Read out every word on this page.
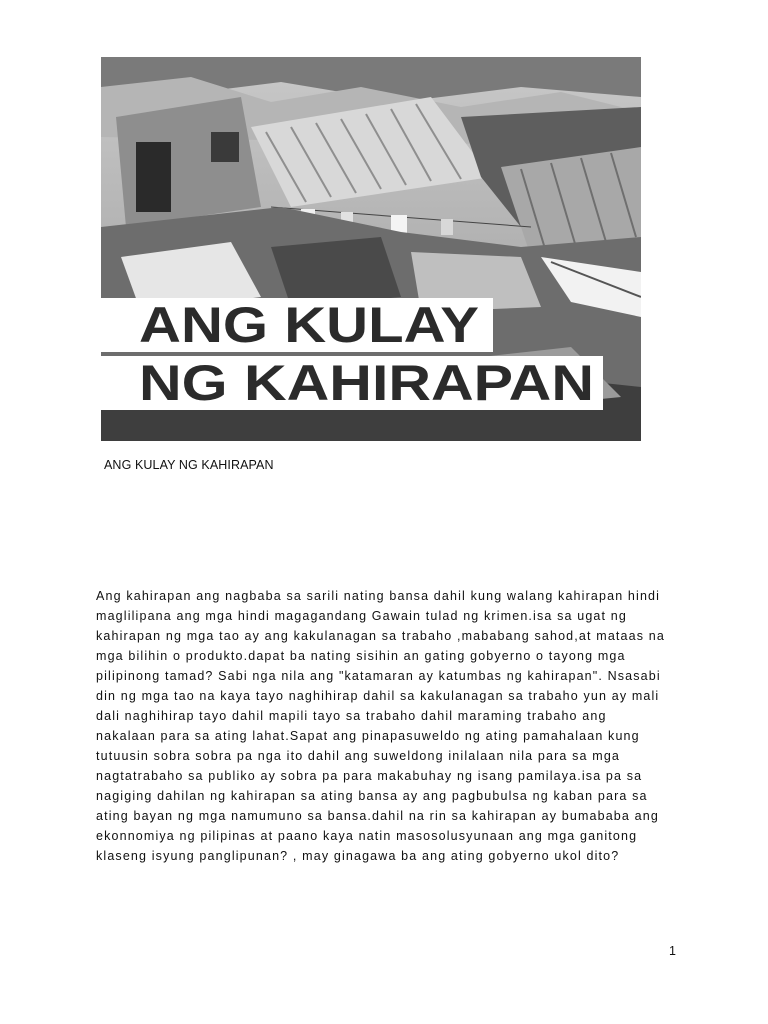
ANG KULAY
NG KAHIRAPAN
ANG KULAY NG KAHIRAPAN

Ang kahirapan ang nagbaba sa sarili nating bansa dahil kung walang kahirapan hindi
maglilipana ang mga hindi magagandang Gawain tulad ng krimen.isa sa ugat ng
kahirapan ng mga tao ay ang kakulanagan sa trabaho ,mababang sahod,at mataas na
mga bilihin o produkto.dapat ba nating sisihin an gating gobyerno o tayong mga
pilipinong tamad? Sabi nga nila ang "katamaran ay katumbas ng kahirapan". Nsasabi
din ng mga tao na kaya tayo naghihirap dahil sa kakulanagan sa trabaho yun ay mali
dali naghihirap tayo dahil mapili tayo sa trabaho dahil maraming trabaho ang
nakalaan para sa ating lahat.Sapat ang pinapasuweldo ng ating pamahalaan kung
tutuusin sobra sobra pa nga ito dahil ang suweldong inilalaan nila para sa mga
nagtatrabaho sa publiko ay sobra pa para makabuhay ng isang pamilaya.isa pa sa
nagiging dahilan ng kahirapan sa ating bansa ay ang pagbubulsa ng kaban para sa
ating bayan ng mga namumuno sa bansa.dahil na rin sa kahirapan ay bumababa ang
ekonnomiya ng pilipinas at paano kaya natin masosolusyunaan ang mga ganitong
klaseng isyung panglipunan? , may ginagawa ba ang ating gobyerno ukol dito?

1
